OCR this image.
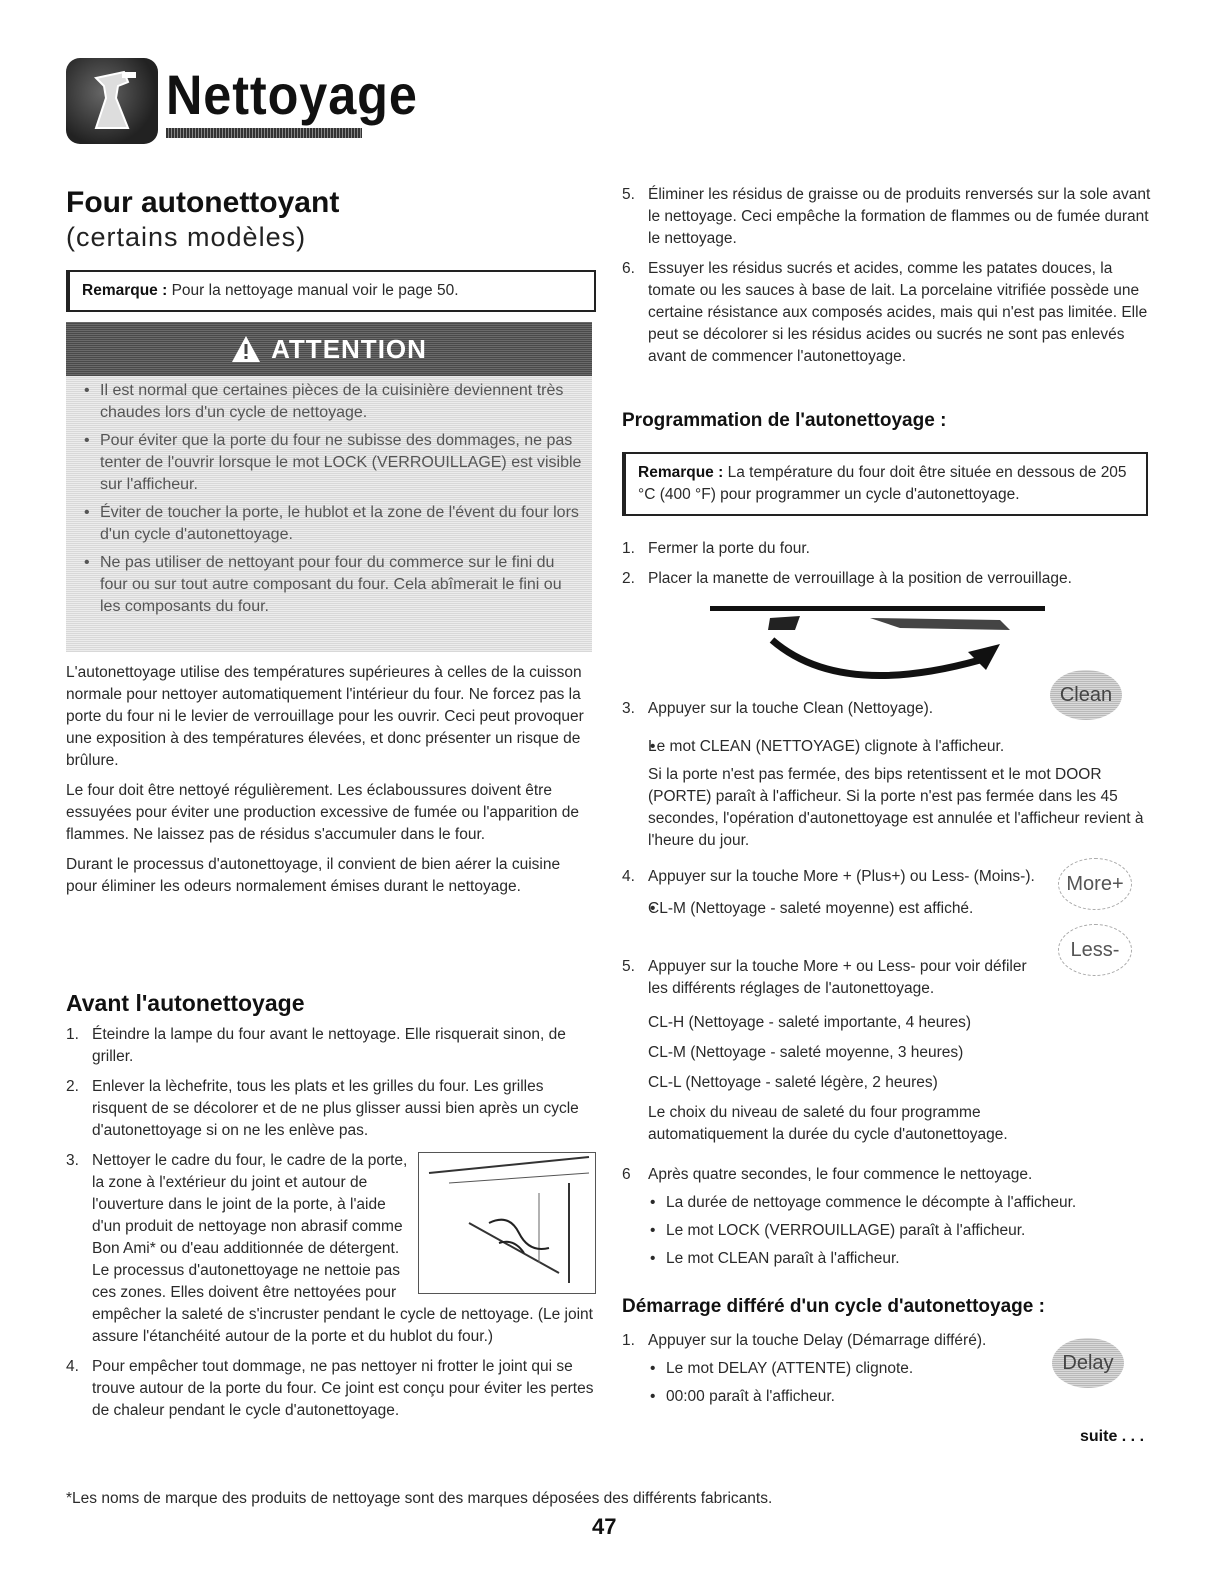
Nettoyage
Four autonettoyant
(certains modèles)
Remarque : Pour la nettoyage manual voir le page 50.
ATTENTION
• Il est normal que certaines pièces de la cuisinière deviennent très chaudes lors d'un cycle de nettoyage.
• Pour éviter que la porte du four ne subisse des dommages, ne pas tenter de l'ouvrir lorsque le mot LOCK (VERROUILLAGE) est visible sur l'afficheur.
• Éviter de toucher la porte, le hublot et la zone de l'évent du four lors d'un cycle d'autonettoyage.
• Ne pas utiliser de nettoyant pour four du commerce sur le fini du four ou sur tout autre composant du four. Cela abîmerait le fini ou les composants du four.

L'autonettoyage utilise des températures supérieures à celles de la cuisson normale pour nettoyer automatiquement l'intérieur du four. Ne forcez pas la porte du four ni le levier de verrouillage pour les ouvrir. Ceci peut provoquer une exposition à des températures élevées, et donc présenter un risque de brûlure.

Le four doit être nettoyé régulièrement. Les éclaboussures doivent être essuyées pour éviter une production excessive de fumée ou l'apparition de flammes. Ne laissez pas de résidus s'accumuler dans le four.

Durant le processus d'autonettoyage, il convient de bien aérer la cuisine pour éliminer les odeurs normalement émises durant le nettoyage.

Avant l'autonettoyage
1. Éteindre la lampe du four avant le nettoyage. Elle risquerait sinon, de griller.
2. Enlever la lèchefrite, tous les plats et les grilles du four. Les grilles risquent de se décolorer et de ne plus glisser aussi bien après un cycle d'autonettoyage si on ne les enlève pas.
3. Nettoyer le cadre du four, le cadre de la porte, la zone à l'extérieur du joint et autour de l'ouverture dans le joint de la porte, à l'aide d'un produit de nettoyage non abrasif comme Bon Ami* ou d'eau additionnée de détergent. Le processus d'autonettoyage ne nettoie pas ces zones. Elles doivent être nettoyées pour empêcher la saleté de s'incruster pendant le cycle de nettoyage. (Le joint assure l'étanchéité autour de la porte et du hublot du four.)
4. Pour empêcher tout dommage, ne pas nettoyer ni frotter le joint qui se trouve autour de la porte du four. Ce joint est conçu pour éviter les pertes de chaleur pendant le cycle d'autonettoyage.
5. Éliminer les résidus de graisse ou de produits renversés sur la sole avant le nettoyage. Ceci empêche la formation de flammes ou de fumée durant le nettoyage.
6. Essuyer les résidus sucrés et acides, comme les patates douces, la tomate ou les sauces à base de lait. La porcelaine vitrifiée possède une certaine résistance aux composés acides, mais qui n'est pas limitée. Elle peut se décolorer si les résidus acides ou sucrés ne sont pas enlevés avant de commencer l'autonettoyage.
Programmation de l'autonettoyage :
Remarque : La température du four doit être située en dessous de 205 °C (400 °F) pour programmer un cycle d'autonettoyage.
1. Fermer la porte du four.
2. Placer la manette de verrouillage à la position de verrouillage.
3. Appuyer sur la touche Clean (Nettoyage).
Clean
• Le mot CLEAN (NETTOYAGE) clignote à l'afficheur.

Si la porte n'est pas fermée, des bips retentissent et le mot DOOR (PORTE) paraît à l'afficheur. Si la porte n'est pas fermée dans les 45 secondes, l'opération d'autonettoyage est annulée et l'afficheur revient à l'heure du jour.

4. Appuyer sur la touche More + (Plus+) ou Less- (Moins-).
• CL-M (Nettoyage - saleté moyenne) est affiché.
More+
Less-
5. Appuyer sur la touche More + ou Less- pour voir défiler les différents réglages de l'autonettoyage.

CL-H (Nettoyage - saleté importante, 4 heures)

CL-M (Nettoyage - saleté moyenne, 3 heures)

CL-L (Nettoyage - saleté légère, 2 heures)

Le choix du niveau de saleté du four programme automatiquement la durée du cycle d'autonettoyage.

6 Après quatre secondes, le four commence le nettoyage.
• La durée de nettoyage commence le décompte à l'afficheur.
• Le mot LOCK (VERROUILLAGE) paraît à l'afficheur.
• Le mot CLEAN paraît à l'afficheur.
Démarrage différé d'un cycle d'autonettoyage :
1. Appuyer sur la touche Delay (Démarrage différé).
• Le mot DELAY (ATTENTE) clignote.
• 00:00 paraît à l'afficheur.
Delay
suite . . .
*Les noms de marque des produits de nettoyage sont des marques déposées des différents fabricants.
47
